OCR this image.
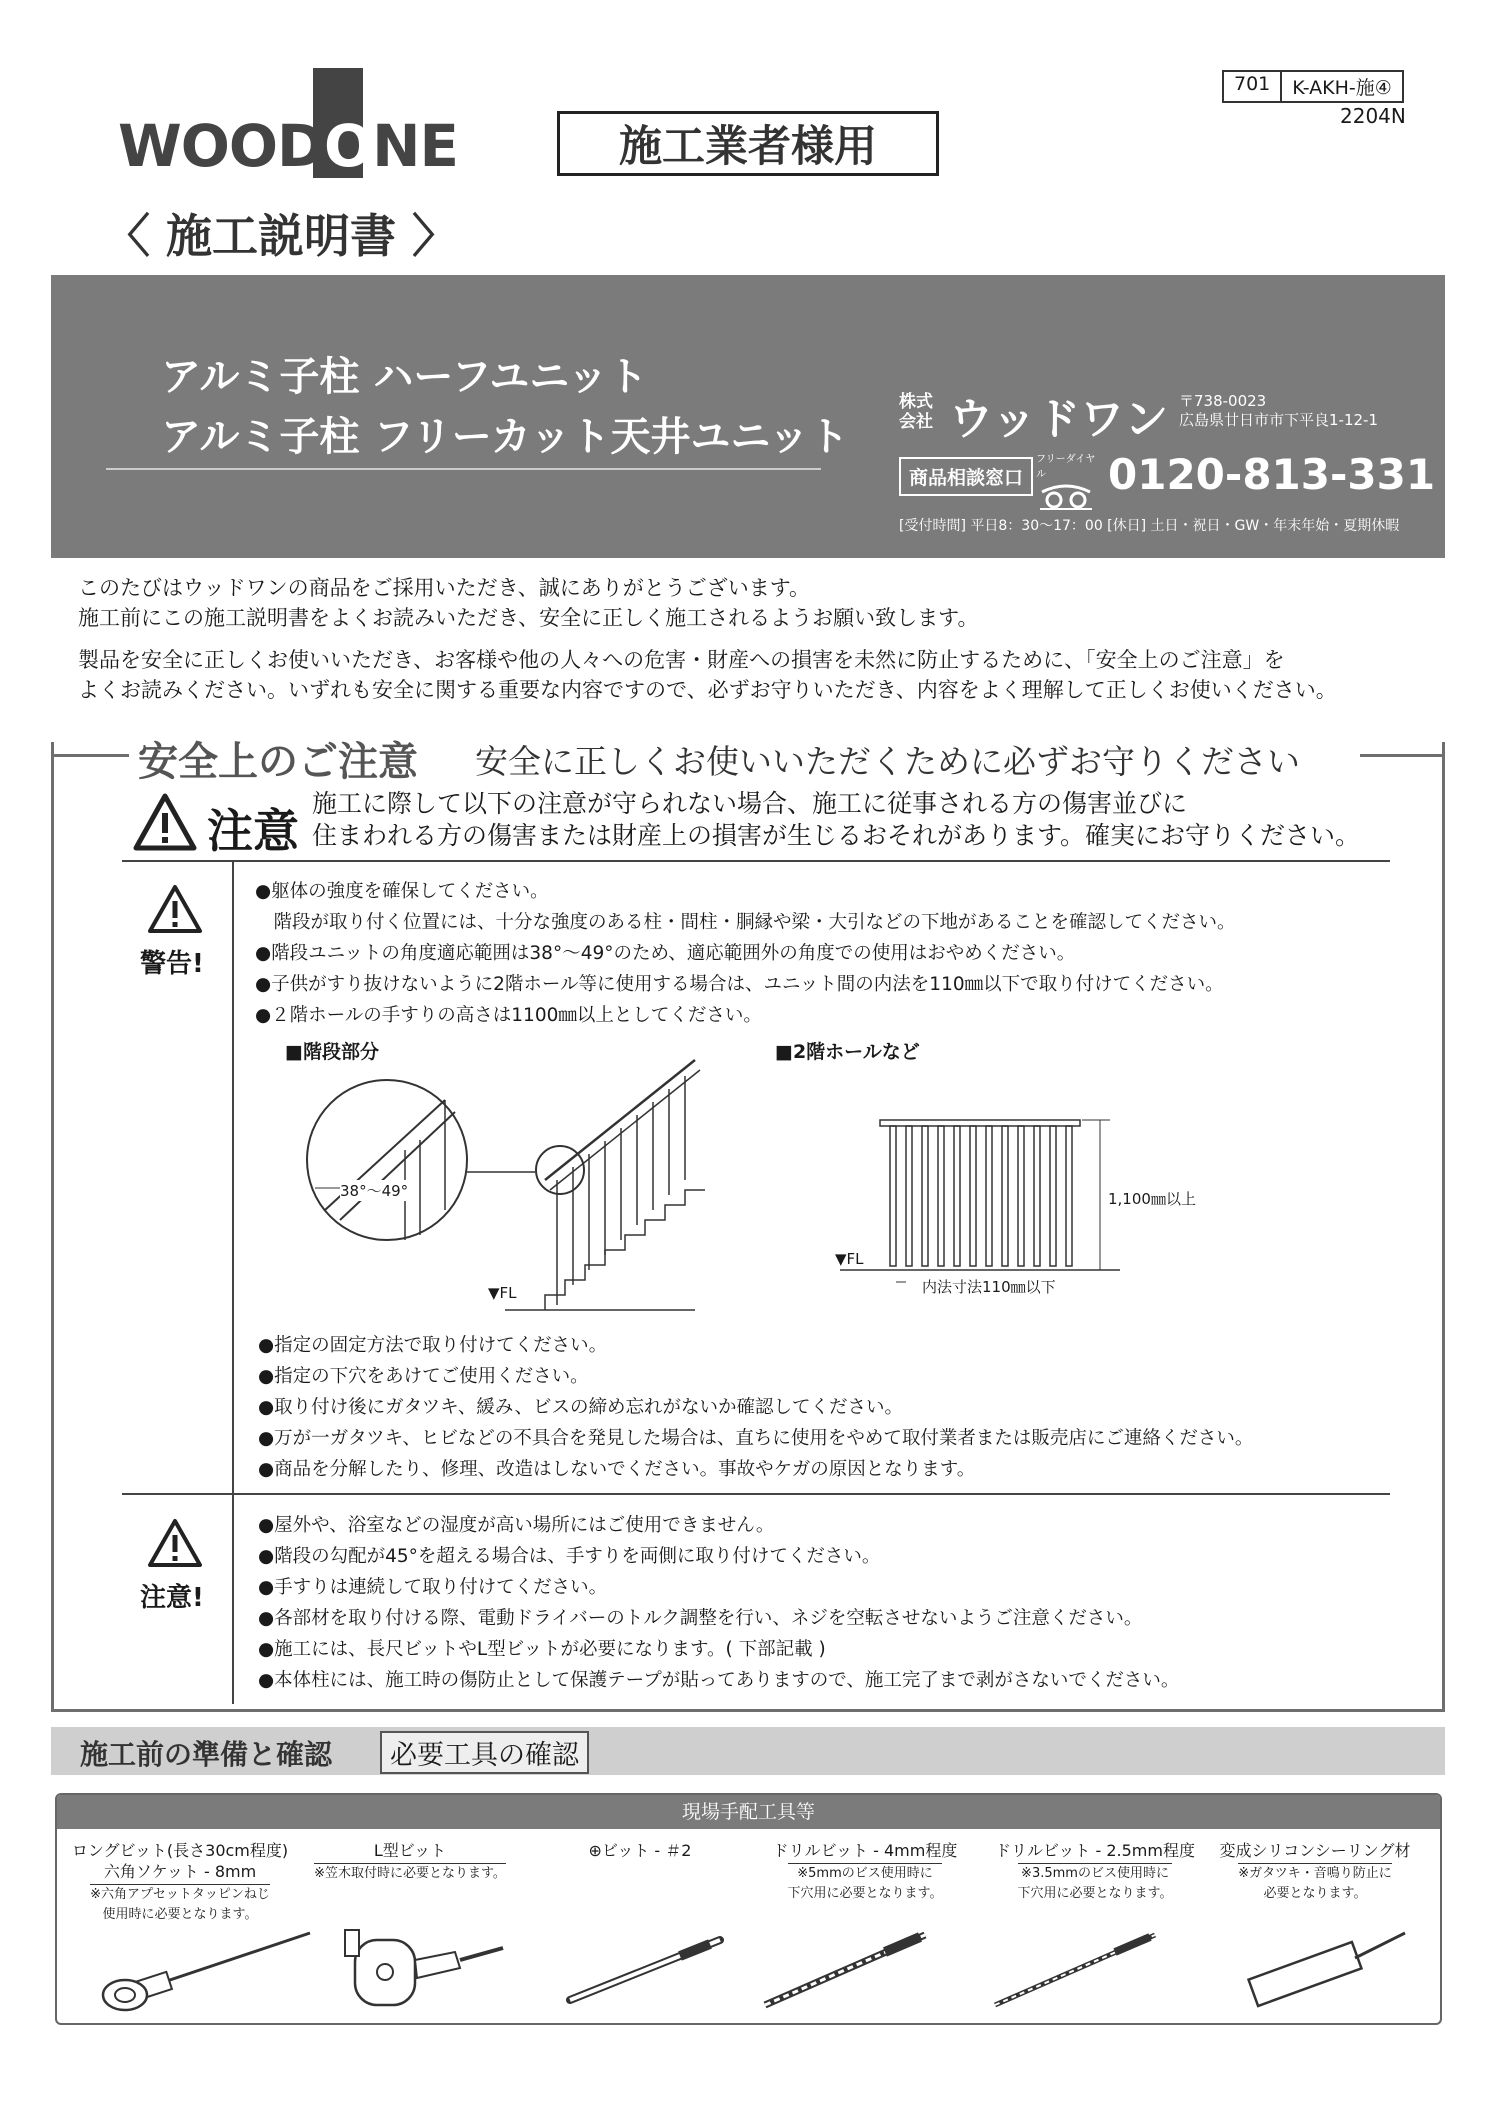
701	K-AKH-施④
2204N
WOODONE	施工業者様用
〈 施工説明書 〉
アルミ子柱 ハーフユニット
アルミ子柱 フリーカット天井ユニット
株式会社 ウッドワン 〒738-0023
広島県廿日市市下平良1-12-1
商品相談窓口
フリーダイヤル	0120-813-331
[受付時間] 平日8：30～17：00 [休日] 土日・祝日・GW・年末年始・夏期休暇
このたびはウッドワンの商品をご採用いただき、誠にありがとうございます。
施工前にこの施工説明書をよくお読みいただき、安全に正しく施工されるようお願い致します。
製品を安全に正しくお使いいただき、お客様や他の人々への危害・財産への損害を未然に防止するために、「安全上のご注意」を
よくお読みください。いずれも安全に関する重要な内容ですので、必ずお守りいただき、内容をよく理解して正しくお使いください。
安全上のご注意 安全に正しくお使いいただくために必ずお守りください
注意
施工に際して以下の注意が守られない場合、施工に従事される方の傷害並びに
住まわれる方の傷害または財産上の損害が生じるおそれがあります。確実にお守りください。
警告!
●躯体の強度を確保してください。
　階段が取り付く位置には、十分な強度のある柱・間柱・胴縁や梁・大引などの下地があることを確認してください。
●階段ユニットの角度適応範囲は38°～49°のため、適応範囲外の角度での使用はおやめください。
●子供がすり抜けないように2階ホール等に使用する場合は、ユニット間の内法を110㎜以下で取り付けてください。
●２階ホールの手すりの高さは1100㎜以上としてください。
■階段部分	■2階ホールなど
38°～49°
▼FL
1,100㎜以上
内法寸法110㎜以下
▼FL
●指定の固定方法で取り付けてください。
●指定の下穴をあけてご使用ください。
●取り付け後にガタツキ、緩み、ビスの締め忘れがないか確認してください。
●万が一ガタツキ、ヒビなどの不具合を発見した場合は、直ちに使用をやめて取付業者または販売店にご連絡ください。
●商品を分解したり、修理、改造はしないでください。事故やケガの原因となります。
注意!
●屋外や、浴室などの湿度が高い場所にはご使用できません。
●階段の勾配が45°を超える場合は、手すりを両側に取り付けてください。
●手すりは連続して取り付けてください。
●各部材を取り付ける際、電動ドライバーのトルク調整を行い、ネジを空転させないようご注意ください。
●施工には、長尺ビットやL型ビットが必要になります。( 下部記載 )
●本体柱には、施工時の傷防止として保護テープが貼ってありますので、施工完了まで剥がさないでください。
施工前の準備と確認	必要工具の確認
現場手配工具等
ロングビット(長さ30cm程度)
六角ソケット - 8mm
※六角アプセットタッピンねじ
使用時に必要となります。
L型ビット
※笠木取付時に必要となります。
⊕ビット - ＃2	ドリルビット - 4mm程度
※5mmのビス使用時に
下穴用に必要となります。
ドリルビット - 2.5mm程度
※3.5mmのビス使用時に
下穴用に必要となります。
変成シリコンシーリング材
※ガタツキ・音鳴り防止に
必要となります。
